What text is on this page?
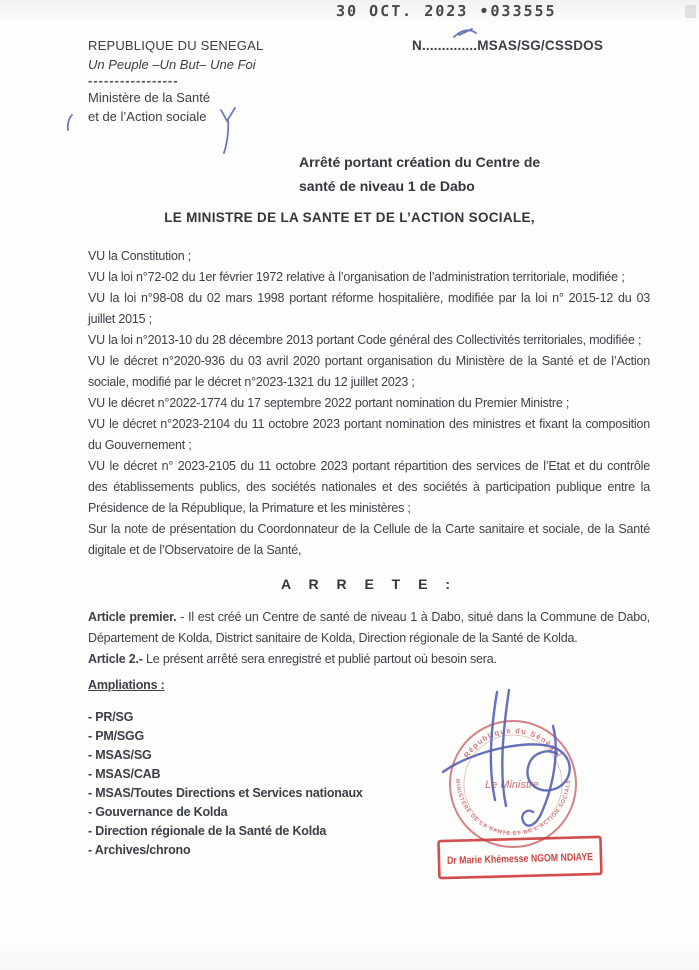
30 OCT. 2023 •033555
REPUBLIQUE DU SENEGAL
Un Peuple –Un But– Une Foi
-----------------
Ministère de la Santé
et de l’Action sociale
N..............MSAS/SG/CSSDOS
Arrêté portant création du Centre de
santé de niveau 1 de Dabo
LE MINISTRE DE LA SANTE ET DE L’ACTION SOCIALE,

VU la Constitution ;

VU la loi n°72-02 du 1er février 1972 relative à l’organisation de l’administration territoriale, modifiée ;

VU la loi n°98-08 du 02 mars 1998 portant réforme hospitalière, modifiée par la loi n° 2015-12 du 03 juillet 2015 ;

VU la loi n°2013-10 du 28 décembre 2013 portant Code général des Collectivités territoriales, modifiée ;

VU le décret n°2020-936 du 03 avril 2020 portant organisation du Ministère de la Santé et de l’Action sociale, modifié par le décret n°2023-1321 du 12 juillet 2023 ;

VU le décret n°2022-1774 du 17 septembre 2022 portant nomination du Premier Ministre ;

VU le décret n°2023-2104 du 11 octobre 2023 portant nomination des ministres et fixant la composition du Gouvernement ;

VU le décret n° 2023-2105 du 11 octobre 2023 portant répartition des services de l’Etat et du contrôle des établissements publics, des sociétés nationales et des sociétés à participation publique entre la Présidence de la République, la Primature et les ministères ;

Sur la note de présentation du Coordonnateur de la Cellule de la Carte sanitaire et sociale, de la Santé digitale et de l’Observatoire de la Santé,

A R R E T E :

Article premier. - Il est créé un Centre de santé de niveau 1 à Dabo, situé dans la Commune de Dabo, Département de Kolda, District sanitaire de Kolda, Direction régionale de la Santé de Kolda.

Article 2.- Le présent arrêté sera enregistré et publié partout où besoin sera.

Ampliations :
- PR/SG
- PM/SGG
- MSAS/SG
- MSAS/CAB
- MSAS/Toutes Directions et Services nationaux
- Gouvernance de Kolda
- Direction régionale de la Santé de Kolda
- Archives/chrono
République du Sénégal
MINISTERE DE LA SANTE ET DE L’ACTION SOCIALE
Le Ministre
Dr Marie Khémesse NGOM NDIAYE
